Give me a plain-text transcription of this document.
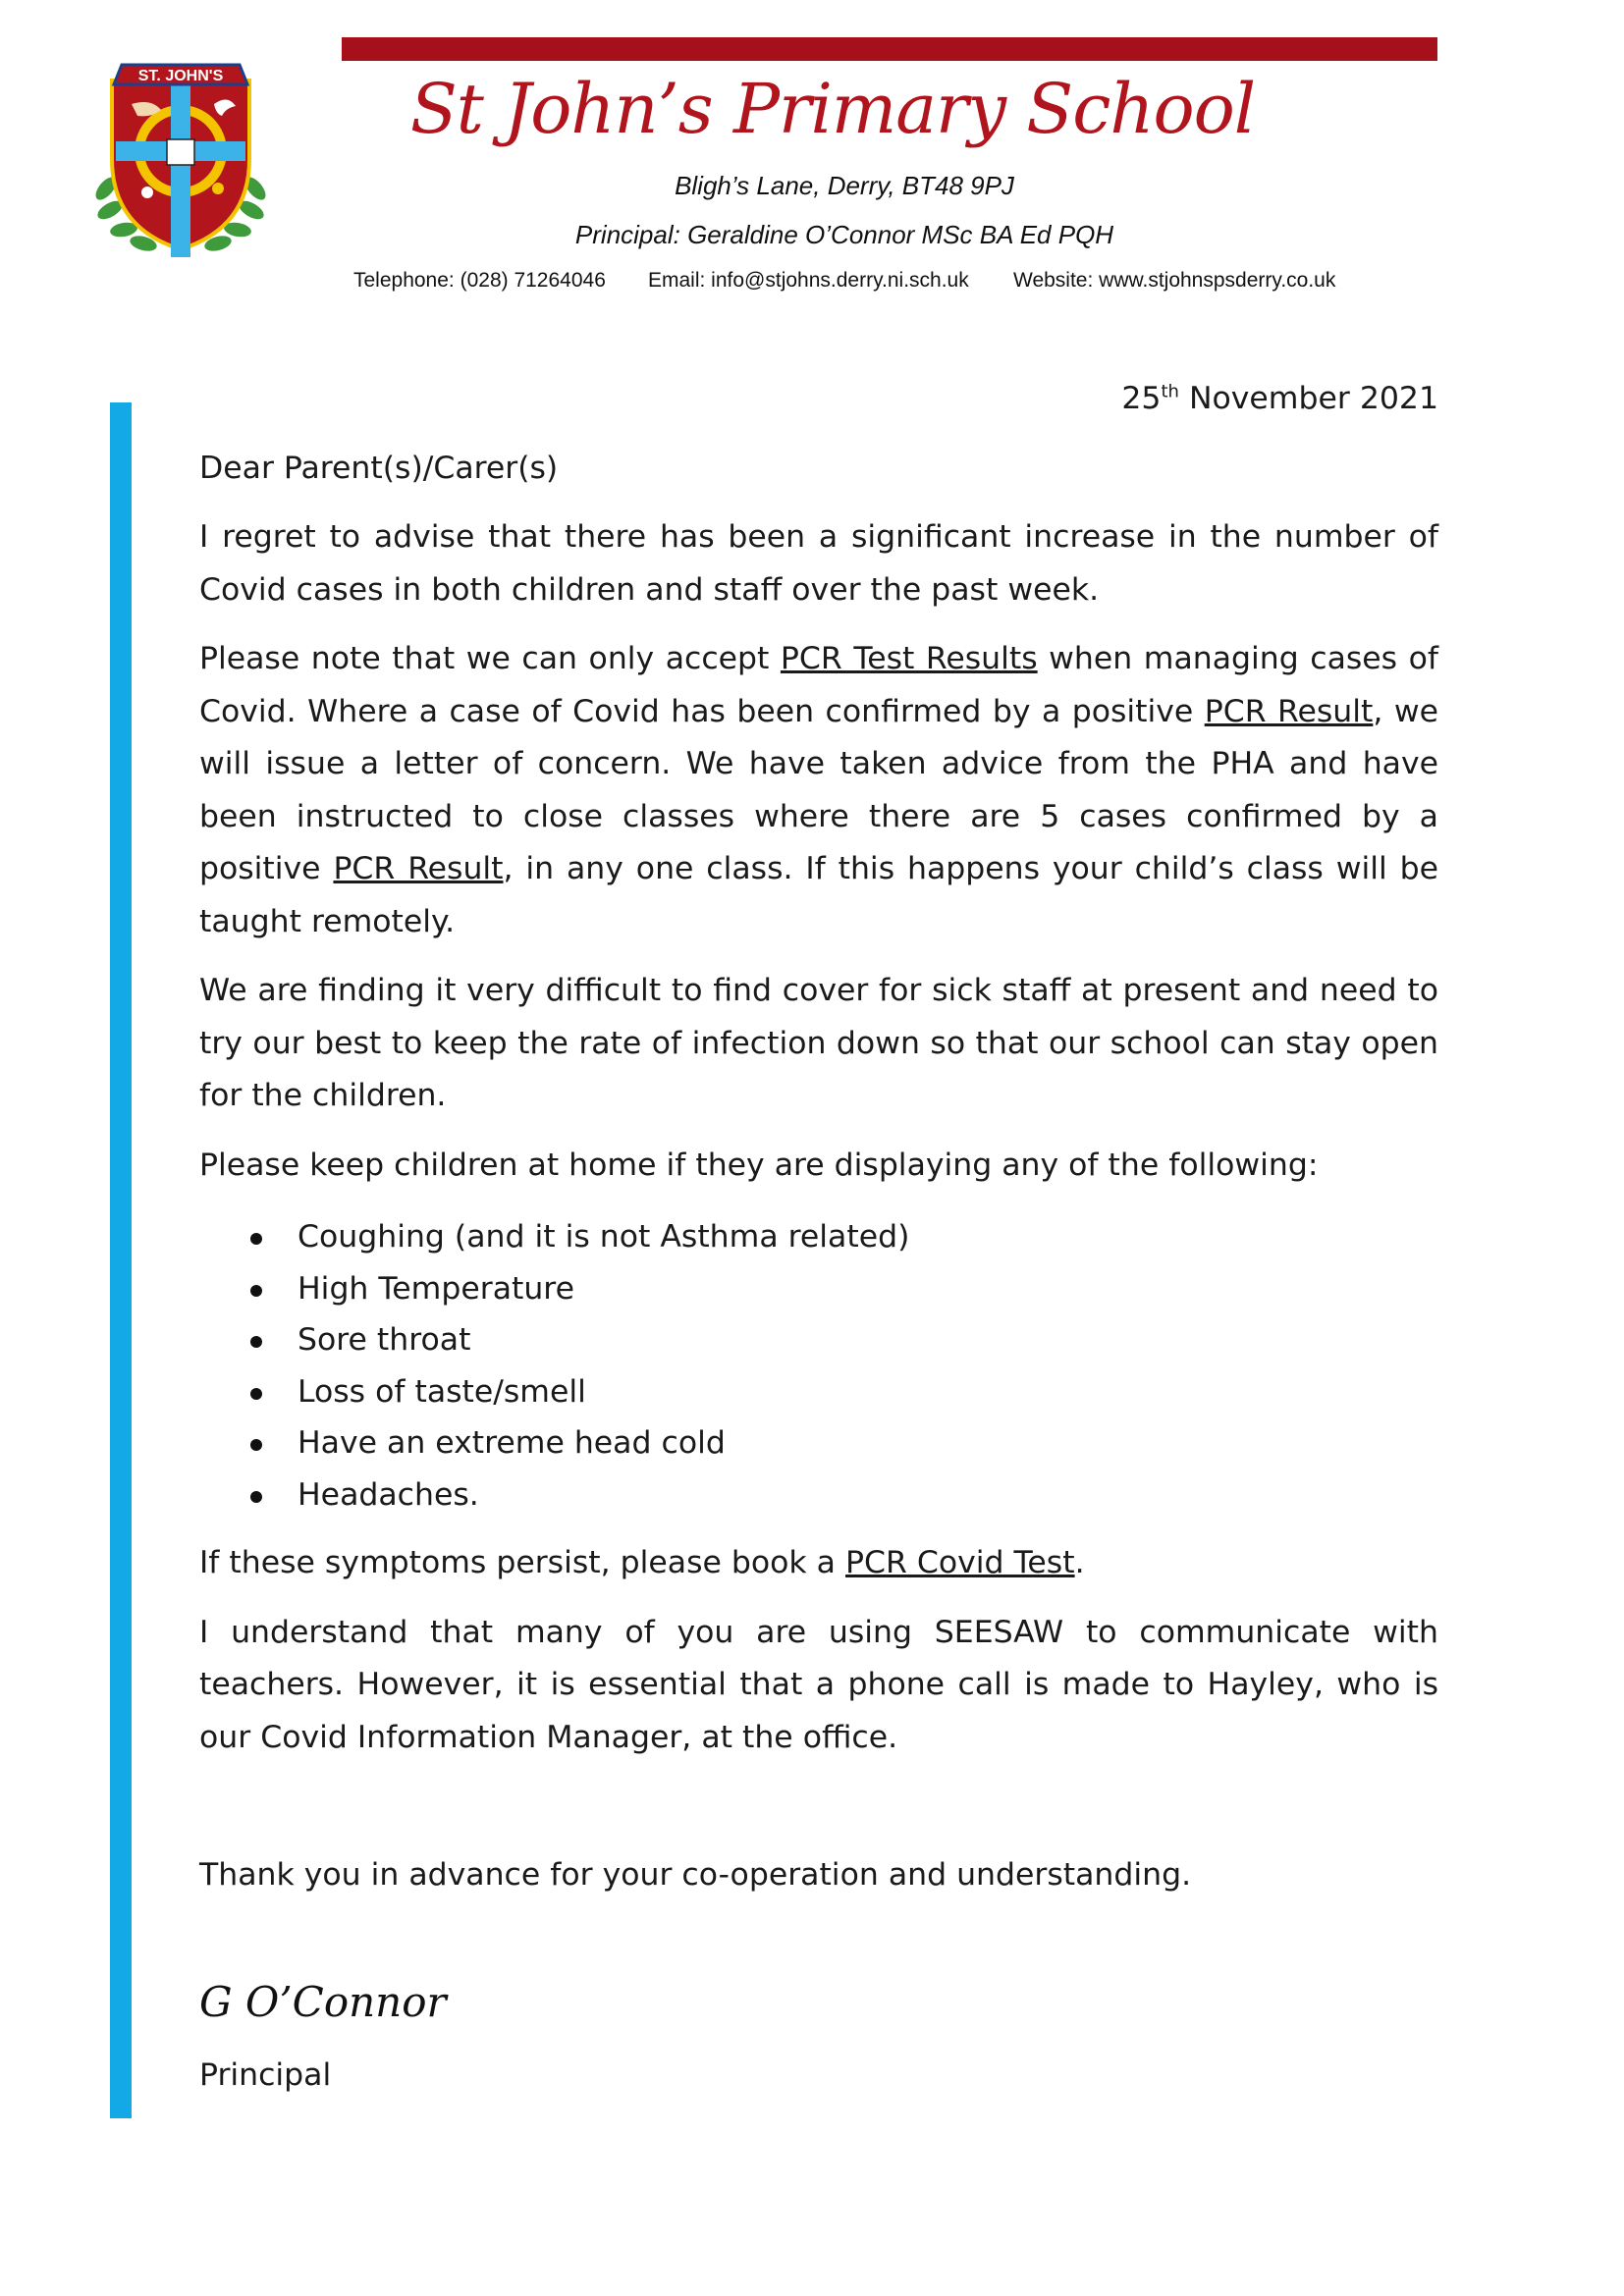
ST. JOHN'S	St John’s Primary School
Bligh’s Lane, Derry, BT48 9PJ
Principal: Geraldine O’Connor MSc BA Ed PQH
Telephone: (028) 71264046 Email: info@stjohns.derry.ni.sch.uk Website: www.stjohnspsderry.co.uk

25th November 2021

Dear Parent(s)/Carer(s)

I regret to advise that there has been a significant increase in the number of Covid cases in both children and staff over the past week.

Please note that we can only accept PCR Test Results when managing cases of Covid. Where a case of Covid has been confirmed by a positive PCR Result, we will issue a letter of concern. We have taken advice from the PHA and have been instructed to close classes where there are 5 cases confirmed by a positive PCR Result, in any one class. If this happens your child’s class will be taught remotely.

We are finding it very difficult to find cover for sick staff at present and need to try our best to keep the rate of infection down so that our school can stay open for the children.

Please keep children at home if they are displaying any of the following:

Coughing (and it is not Asthma related)
High Temperature
Sore throat
Loss of taste/smell
Have an extreme head cold
Headaches.

If these symptoms persist, please book a PCR Covid Test.

I understand that many of you are using SEESAW to communicate with teachers. However, it is essential that a phone call is made to Hayley, who is our Covid Information Manager, at the office.

Thank you in advance for your co-operation and understanding.

G O’Connor

Principal
